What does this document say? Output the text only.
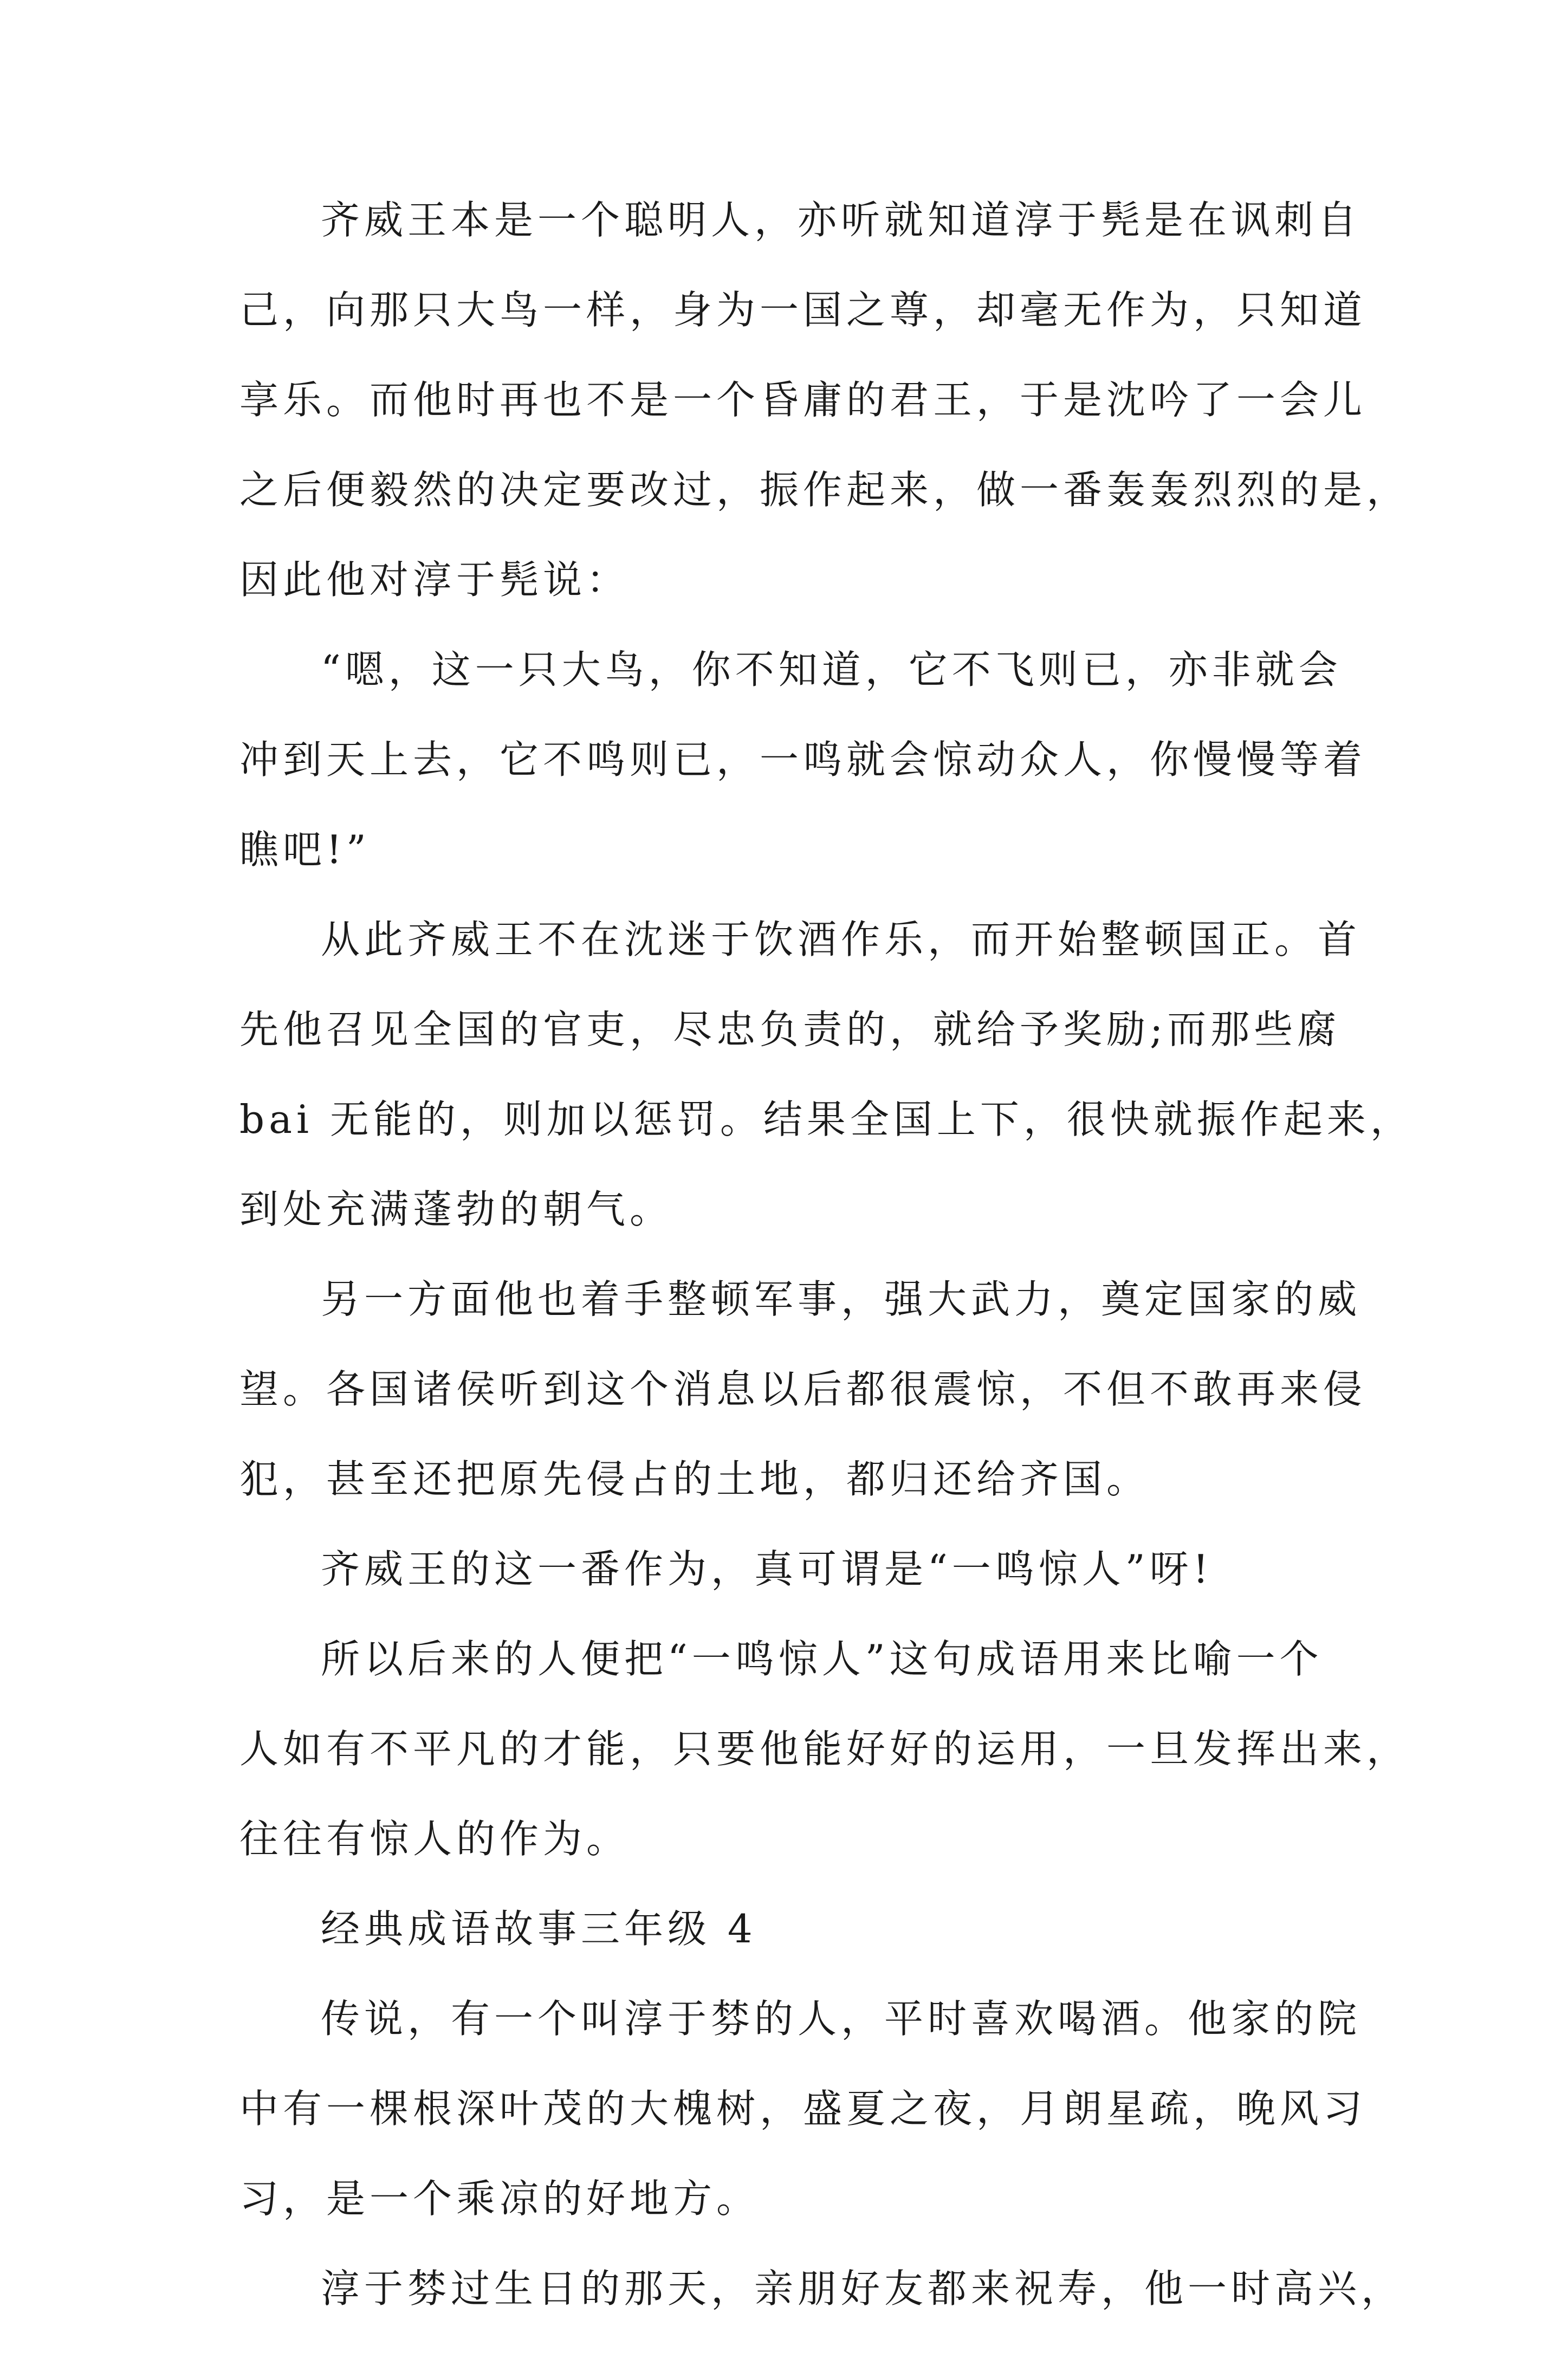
齐威王本是一个聪明人，亦听就知道淳于髡是在讽刺自
己，向那只大鸟一样，身为一国之尊，却毫无作为，只知道
享乐。而他时再也不是一个昏庸的君王，于是沈吟了一会儿
之后便毅然的决定要改过，振作起来，做一番轰轰烈烈的是，
因此他对淳于髡说：
“嗯，这一只大鸟，你不知道，它不飞则已，亦非就会
冲到天上去，它不鸣则已，一鸣就会惊动众人，你慢慢等着
瞧吧!”
从此齐威王不在沈迷于饮酒作乐，而开始整顿国正。首
先他召见全国的官吏，尽忠负责的，就给予奖励;而那些腐
bai 无能的，则加以惩罚。结果全国上下，很快就振作起来，
到处充满蓬勃的朝气。
另一方面他也着手整顿军事，强大武力，奠定国家的威
望。各国诸侯听到这个消息以后都很震惊，不但不敢再来侵
犯，甚至还把原先侵占的土地，都归还给齐国。
齐威王的这一番作为，真可谓是“一鸣惊人”呀!
所以后来的人便把“一鸣惊人”这句成语用来比喻一个
人如有不平凡的才能，只要他能好好的运用，一旦发挥出来，
往往有惊人的作为。
经典成语故事三年级 4
传说，有一个叫淳于棼的人，平时喜欢喝酒。他家的院
中有一棵根深叶茂的大槐树，盛夏之夜，月朗星疏，晚风习
习，是一个乘凉的好地方。
淳于棼过生日的那天，亲朋好友都来祝寿，他一时高兴，
